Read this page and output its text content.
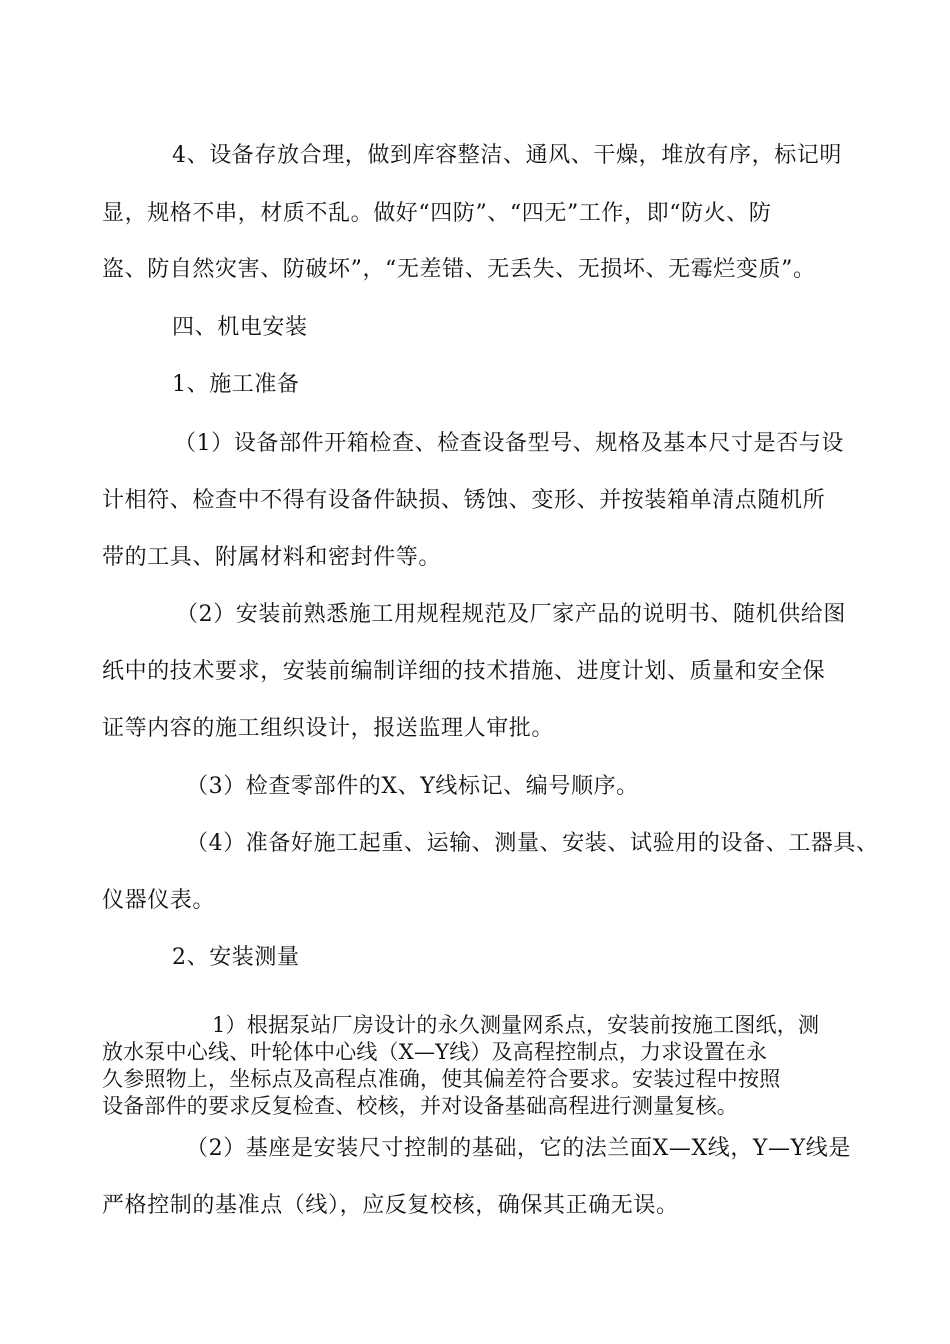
4、设备存放合理，做到库容整洁、通风、干燥，堆放有序，标记明
显，规格不串，材质不乱。做好“四防”、“四无”工作，即“防火、防
盗、防自然灾害、防破坏”，“无差错、无丢失、无损坏、无霉烂变质”。
四、机电安装
1、施工准备
（1）设备部件开箱检查、检查设备型号、规格及基本尺寸是否与设
计相符、检查中不得有设备件缺损、锈蚀、变形、并按装箱单清点随机所
带的工具、附属材料和密封件等。
（2）安装前熟悉施工用规程规范及厂家产品的说明书、随机供给图
纸中的技术要求，安装前编制详细的技术措施、进度计划、质量和安全保
证等内容的施工组织设计，报送监理人审批。
（3）检查零部件的X、Y线标记、编号顺序。
（4）准备好施工起重、运输、测量、安装、试验用的设备、工器具、
仪器仪表。
2、安装测量
1）根据泵站厂房设计的永久测量网系点，安装前按施工图纸，测
放水泵中心线、叶轮体中心线（X—Y线）及高程控制点，力求设置在永
久参照物上，坐标点及高程点准确，使其偏差符合要求。安装过程中按照
设备部件的要求反复检查、校核，并对设备基础高程进行测量复核。
（2）基座是安装尺寸控制的基础，它的法兰面X—X线，Y—Y线是
严格控制的基准点（线），应反复校核，确保其正确无误。
